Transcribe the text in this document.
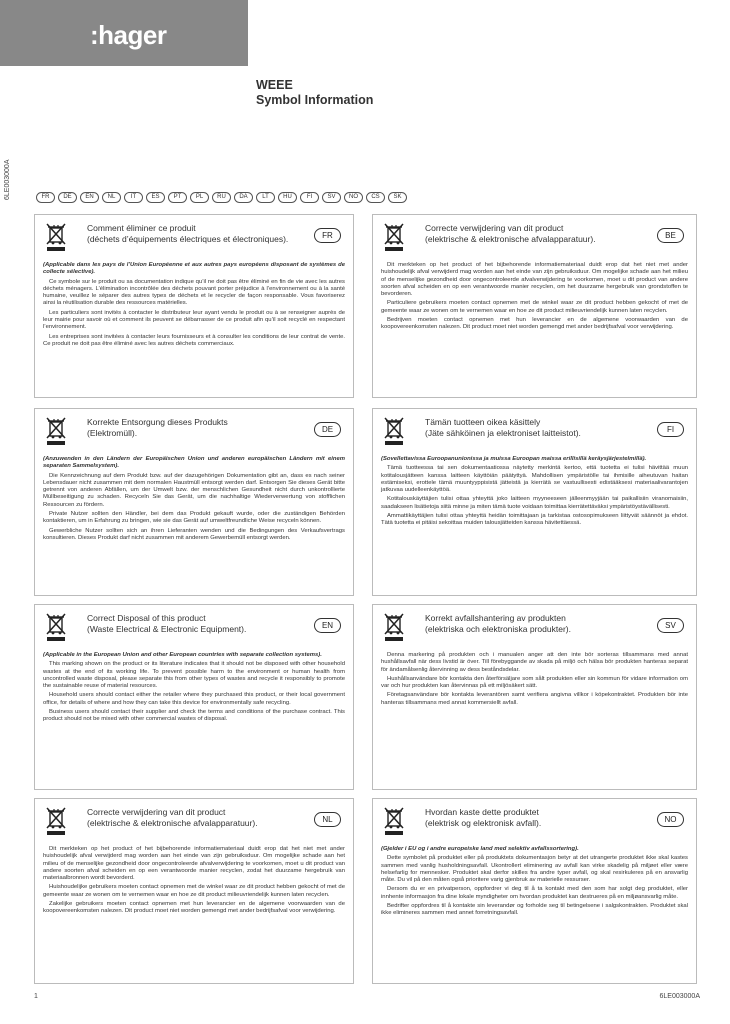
:hager
WEEE
Symbol Information
6LE003000A	FR	DE	EN	NL	IT	ES	PT	PL	RU	DA	LT	HU	FI	SV	NO	CS	SK
Comment éliminer ce produit
(déchets d’équipements électriques et électroniques).	FR

(Applicable dans les pays de l’Union Européenne et aux autres pays européens disposant de systèmes de collecte sélective).

Ce symbole sur le produit ou sa documentation indique qu’il ne doit pas être éliminé en fin de vie avec les autres déchets ménagers. L’élimination incontrôlée des déchets pouvant porter préjudice à l’environnement ou à la santé humaine, veuillez le séparer des autres types de déchets et le recycler de façon responsable. Vous favoriserez ainsi la réutilisation durable des ressources matérielles.

Les particuliers sont invités à contacter le distributeur leur ayant vendu le produit ou à se renseigner auprès de leur mairie pour savoir où et comment ils peuvent se débarrasser de ce produit afin qu’il soit recyclé en respectant l’environnement.

Les entreprises sont invitées à contacter leurs fournisseurs et à consulter les conditions de leur contrat de vente. Ce produit ne doit pas être éliminé avec les autres déchets commerciaux.

Correcte verwijdering van dit product
(elektrische & elektronische afvalapparatuur).	BE

Dit merkteken op het product of het bijbehorende informatiemateriaal duidt erop dat het niet met ander huishoudelijk afval verwijderd mag worden aan het einde van zijn gebruiksduur. Om mogelijke schade aan het milieu of de menselijke gezondheid door ongecontroleerde afvalverwijdering te voorkomen, moet u dit product van andere soorten afval scheiden en op een verantwoorde manier recyclen, om het duurzame hergebruik van grondstoffen te bevorderen.

Particuliere gebruikers moeten contact opnemen met de winkel waar ze dit product hebben gekocht of met de gemeente waar ze wonen om te vernemen waar en hoe ze dit product milieuvriendelijk kunnen laten recyclen.

Bedrijven moeten contact opnemen met hun leverancier en de algemene voorwaarden van de koopovereenkomsten nalezen. Dit product moet niet worden gemengd met ander bedrijfsafval voor verwijdering.

Korrekte Entsorgung dieses Produkts
(Elektromüll).	DE

(Anzuwenden in den Ländern der Europäischen Union und anderen europäischen Ländern mit einem separaten Sammelsystem).

Die Kennzeichnung auf dem Produkt bzw. auf der dazugehörigen Dokumentation gibt an, dass es nach seiner Lebensdauer nicht zusammen mit dem normalen Haustmüll entsorgt werden darf. Entsorgen Sie dieses Gerät bitte getrennt von anderen Abfällen, um der Umwelt bzw. der menschlichen Gesundheit nicht durch unkontrollierte Müllbeseitigung zu schaden. Recyceln Sie das Gerät, um die nachhaltige Wiederverwertung von stofflichen Ressourcen zu fördern.

Private Nutzer sollten den Händler, bei dem das Produkt gekauft wurde, oder die zuständigen Behörden kontaktieren, um in Erfahrung zu bringen, wie sie das Gerät auf umweltfreundliche Weise recyceln können.

Gewerbliche Nutzer sollten sich an ihren Lieferanten wenden und die Bedingungen des Verkaufsvertrags konsultieren. Dieses Produkt darf nicht zusammen mit anderem Gewerbemüll entsorgt werden.

Tämän tuotteen oikea käsittely
(Jäte sähköinen ja elektroniset laitteistot).	FI

(Sovellettavissa Euroopanunionissa ja muissa Euroopan maissa erillisillä keräysjärjestelmillä).

Tämä tuotteessa tai sen dokumentaatiossa näytetty merkintä kertoo, että tuotetta ei tulisi hävittää muun kotitalousjätteen kanssa laitteen käyttöiän päätyttyä. Mahdollisen ympäristölle tai ihmisille aiheutuvan haitan estämiseksi, erottele tämä muuntyyppisistä jätteistä ja kierrätä se vastuullisesti edistääksesi materiaalivarantojen jatkuvaa uudelleenkäyttöä.

Kotitalouskäyttäjien tulisi ottaa yhteyttä joko laitteen myyneeseen jälleenmyyjään tai paikallisiin viranomaisiin, saadakseen lisätietoja siitä minne ja miten tämä tuote voidaan toimittaa kierrätettäväksi ympäristöystävällisesti.

Ammattikäyttäjien tulisi ottaa yhteyttä heidän toimittajaan ja tarkistaa ostosopimukseen liittyvät säännöt ja ehdot. Tätä tuotetta ei pitäisi sekoittaa muiden talousjätteiden kanssa hävitettäessä.

Correct Disposal of this product
(Waste Electrical & Electronic Equipment).	EN

(Applicable in the European Union and other European countries with separate collection systems).

This marking shown on the product or its literature indicates that it should not be disposed with other household wastes at the end of its working life. To prevent possible harm to the environment or human health from uncontrolled waste disposal, please separate this from other types of wastes and recycle it responsibly to promote the sustainable reuse of material resources.

Household users should contact either the retailer where they purchased this product, or their local government office, for details of where and how they can take this device for environmentally safe recycling.

Business users should contact their supplier and check the terms and conditions of the purchase contract. This product should not be mixed with other commercial wastes of disposal.

Korrekt avfallshantering av produkten
(elektriska och elektroniska produkter).	SV

Denna markering på produkten och i manualen anger att den inte bör sorteras tillsammans med annat hushållsavfall när dess livstid är över. Till förebyggande av skada på miljö och hälsa bör produkten hanteras separat för ändamålsenlig återvinning av dess beståndsdelar.

Hushållsanvändare bör kontakta den återförsäljare som sålt produkten eller sin kommun för vidare information om var och hur produkten kan återvinnas på ett miljösäkert sätt.

Företagsanvändare bör kontakta leverantören samt verifiera angivna villkor i köpekontraktet. Produkten bör inte hanteras tillsammans med annat kommersiellt avfall.

Correcte verwijdering van dit product
(elektrische & elektronische afvalapparatuur).	NL

Dit merkteken op het product of het bijbehorende informatiemateriaal duidt erop dat het niet met ander huishoudelijk afval verwijderd mag worden aan het einde van zijn gebruiksduur. Om mogelijke schade aan het milieu of de menselijke gezondheid door ongecontroleerde afvalverwijdering te voorkomen, moet u dit product van andere soorten afval scheiden en op een verantwoorde manier recyclen, zodat het duurzame hergebruik van materiaalbronnen wordt bevorderd.

Huishoudelijke gebruikers moeten contact opnemen met de winkel waar ze dit product hebben gekocht of met de gemeente waar ze wonen om te vernemen waar en hoe ze dit product milieuvriendelijk kunnen laten recyclen.

Zakelijke gebruikers moeten contact opnemen met hun leverancier en de algemene voorwaarden van de koopovereenkomsten nalezen. Dit product moet niet worden gemengd met ander bedrijfsafval voor verwijdering.

Hvordan kaste dette produktet
(elektrisk og elektronisk avfall).	NO

(Gjelder i EU og i andre europeiske land med selektiv avfallssortering).

Dette symbolet på produktet eller på produktets dokumentasjon betyr at det utrangerte produktet ikke skal kastes sammen med vanlig husholdningsavfall. Ukontrollert eliminering av avfall kan virke skadelig på miljøet eller være helsefarlig for mennesker. Produktet skal derfor skilles fra andre typer avfall, og skal resirkuleres på en ansvarlig måte. Du vil på den måten også prioritere varig gjenbruk av materielle ressurser.

Dersom du er en privatperson, oppfordrer vi deg til å ta kontakt med den som har solgt deg produktet, eller innhente informasjon fra dine lokale myndigheter om hvordan produktet kan destrueres på en miljøansvarlig måte.

Bedrifter oppfordres til å kontakte sin leverandør og forholde seg til betingelsene i salgskontrakten. Produktet skal ikke elimineres sammen med annet forretningsavfall.

1	6LE003000A
